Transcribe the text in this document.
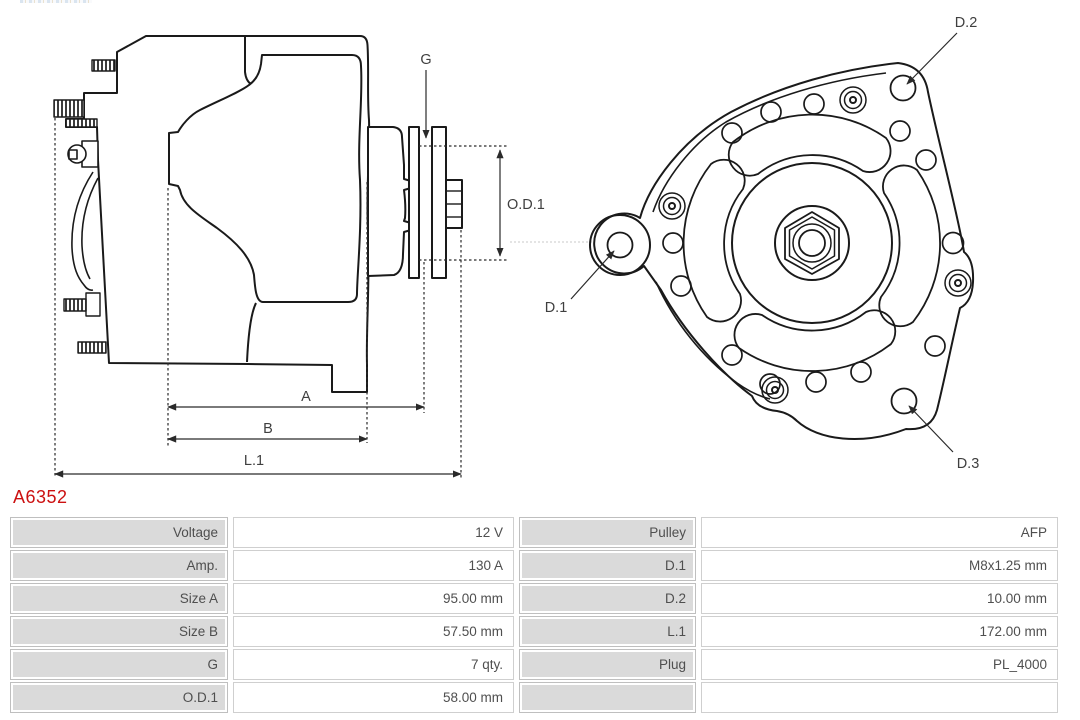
G
O.D.1
A
B
L.1
D.2
D.1
D.3
A6352
Voltage	12 V	Pulley	AFP
Amp.	130 A	D.1	M8x1.25 mm
Size A	95.00 mm	D.2	10.00 mm
Size B	57.50 mm	L.1	172.00 mm
G	7 qty.	Plug	PL_4000
O.D.1	58.00 mm
